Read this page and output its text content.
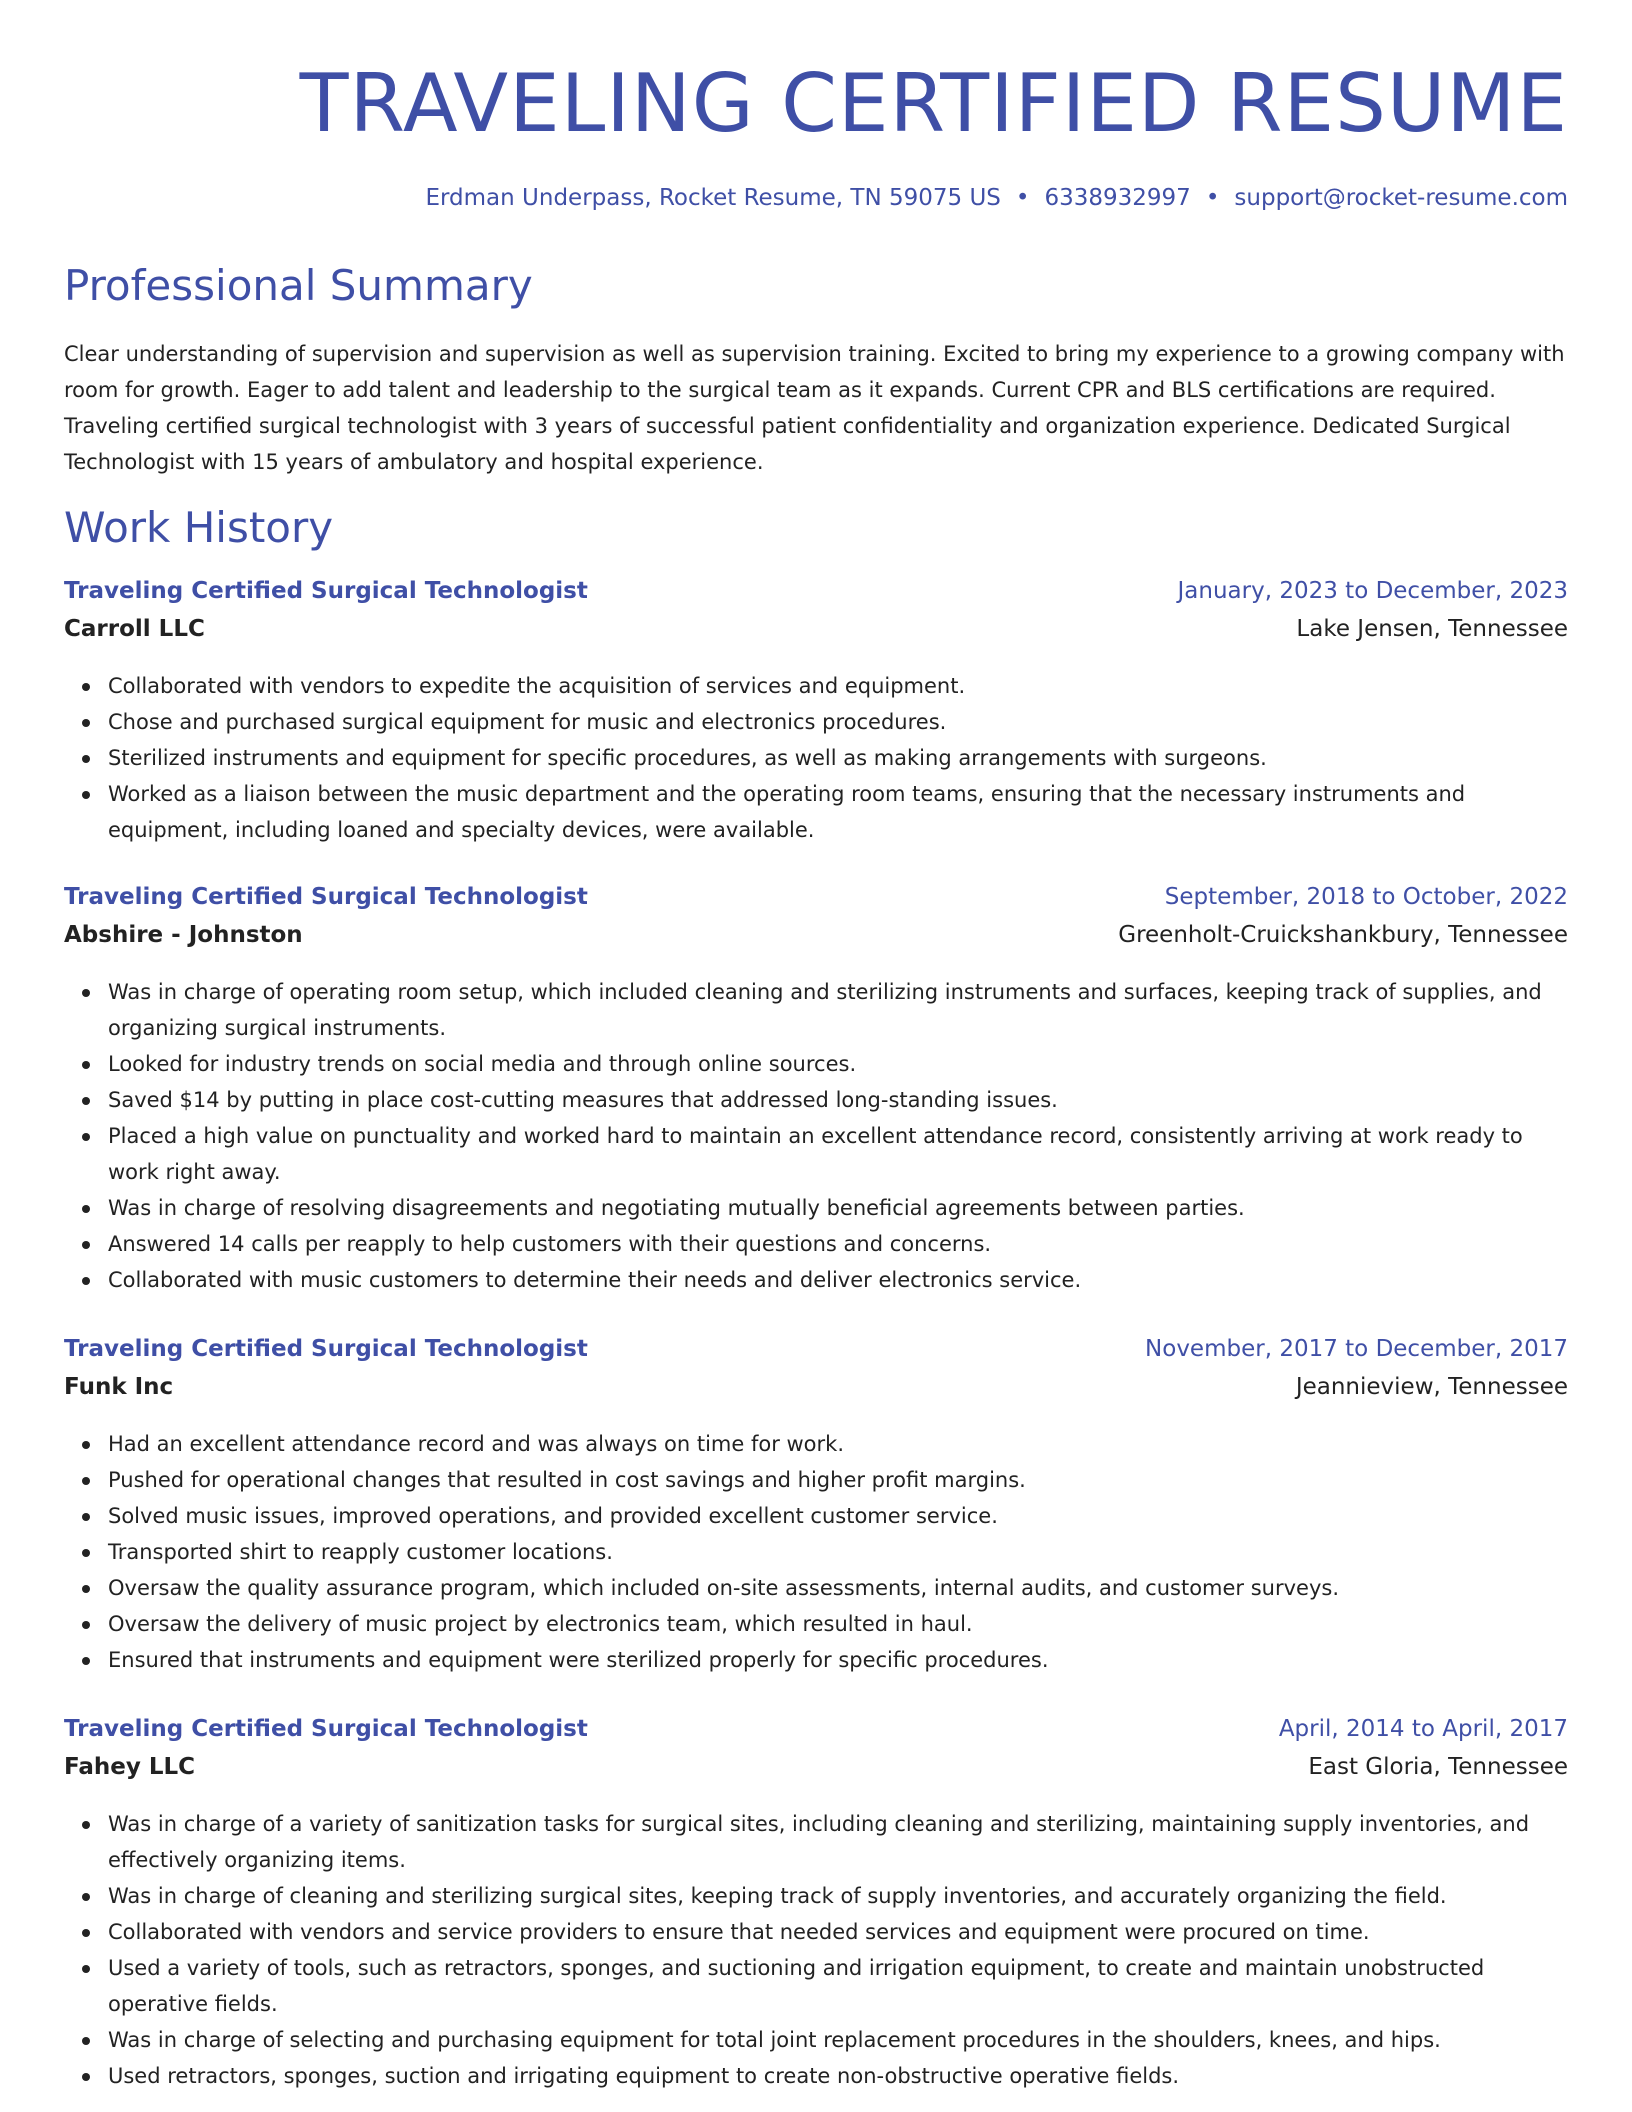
TRAVELING CERTIFIED RESUME
Erdman Underpass, Rocket Resume, TN 59075 US • 6338932997 • support@rocket-resume.com
Professional Summary

Clear understanding of supervision and supervision as well as supervision training. Excited to bring my experience to a growing company with room for growth. Eager to add talent and leadership to the surgical team as it expands. Current CPR and BLS certifications are required. Traveling certified surgical technologist with 3 years of successful patient confidentiality and organization experience. Dedicated Surgical Technologist with 15 years of ambulatory and hospital experience.

Work History
Traveling Certified Surgical Technologist	January, 2023 to December, 2023
Carroll LLC	Lake Jensen, Tennessee
Collaborated with vendors to expedite the acquisition of services and equipment.
Chose and purchased surgical equipment for music and electronics procedures.
Sterilized instruments and equipment for specific procedures, as well as making arrangements with surgeons.
Worked as a liaison between the music department and the operating room teams, ensuring that the necessary instruments and equipment, including loaned and specialty devices, were available.
Traveling Certified Surgical Technologist	September, 2018 to October, 2022
Abshire - Johnston	Greenholt-Cruickshankbury, Tennessee
Was in charge of operating room setup, which included cleaning and sterilizing instruments and surfaces, keeping track of supplies, and organizing surgical instruments.
Looked for industry trends on social media and through online sources.
Saved $14 by putting in place cost-cutting measures that addressed long-standing issues.
Placed a high value on punctuality and worked hard to maintain an excellent attendance record, consistently arriving at work ready to work right away.
Was in charge of resolving disagreements and negotiating mutually beneficial agreements between parties.
Answered 14 calls per reapply to help customers with their questions and concerns.
Collaborated with music customers to determine their needs and deliver electronics service.
Traveling Certified Surgical Technologist	November, 2017 to December, 2017
Funk Inc	Jeannieview, Tennessee
Had an excellent attendance record and was always on time for work.
Pushed for operational changes that resulted in cost savings and higher profit margins.
Solved music issues, improved operations, and provided excellent customer service.
Transported shirt to reapply customer locations.
Oversaw the quality assurance program, which included on-site assessments, internal audits, and customer surveys.
Oversaw the delivery of music project by electronics team, which resulted in haul.
Ensured that instruments and equipment were sterilized properly for specific procedures.
Traveling Certified Surgical Technologist	April, 2014 to April, 2017
Fahey LLC	East Gloria, Tennessee
Was in charge of a variety of sanitization tasks for surgical sites, including cleaning and sterilizing, maintaining supply inventories, and effectively organizing items.
Was in charge of cleaning and sterilizing surgical sites, keeping track of supply inventories, and accurately organizing the field.
Collaborated with vendors and service providers to ensure that needed services and equipment were procured on time.
Used a variety of tools, such as retractors, sponges, and suctioning and irrigation equipment, to create and maintain unobstructed operative fields.
Was in charge of selecting and purchasing equipment for total joint replacement procedures in the shoulders, knees, and hips.
Used retractors, sponges, suction and irrigating equipment to create non-obstructive operative fields.
